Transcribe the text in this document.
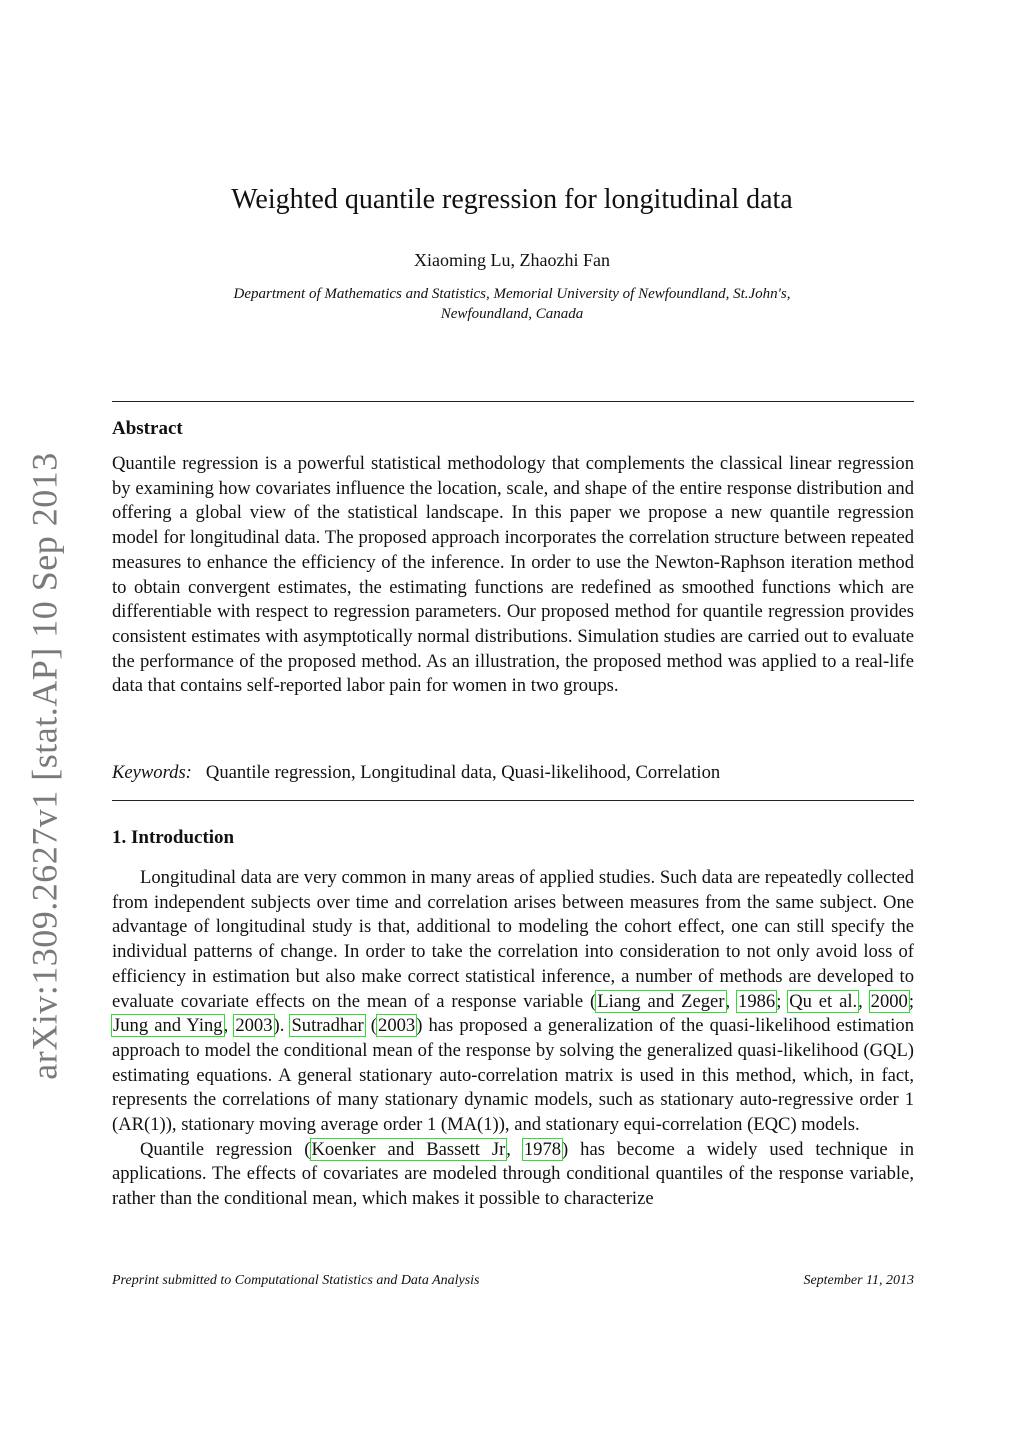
arXiv:1309.2627v1 [stat.AP] 10 Sep 2013
Weighted quantile regression for longitudinal data
Xiaoming Lu, Zhaozhi Fan
Department of Mathematics and Statistics, Memorial University of Newfoundland, St.John's,
Newfoundland, Canada
Abstract

Quantile regression is a powerful statistical methodology that complements the classical linear regression by examining how covariates influence the location, scale, and shape of the entire response distribution and offering a global view of the statistical landscape. In this paper we propose a new quantile regression model for longitudinal data. The proposed approach incorporates the correlation structure between repeated measures to enhance the efficiency of the inference. In order to use the Newton-Raphson iteration method to obtain convergent estimates, the estimating functions are redefined as smoothed functions which are differentiable with respect to regression parameters. Our proposed method for quantile regression provides consistent estimates with asymptotically normal distributions. Simulation studies are carried out to evaluate the performance of the proposed method. As an illustration, the proposed method was applied to a real-life data that contains self-reported labor pain for women in two groups.

Keywords: Quantile regression, Longitudinal data, Quasi-likelihood, Correlation

1. Introduction

Longitudinal data are very common in many areas of applied studies. Such data are repeatedly collected from independent subjects over time and correlation arises between measures from the same subject. One advantage of longitudinal study is that, additional to modeling the cohort effect, one can still specify the individual patterns of change. In order to take the correlation into consideration to not only avoid loss of efficiency in estimation but also make correct statistical inference, a number of methods are developed to evaluate covariate effects on the mean of a response variable (Liang and Zeger, 1986; Qu et al., 2000; Jung and Ying, 2003). Sutradhar (2003) has proposed a generalization of the quasi-likelihood estimation approach to model the conditional mean of the response by solving the generalized quasi-likelihood (GQL) estimating equations. A general stationary auto-correlation matrix is used in this method, which, in fact, represents the correlations of many stationary dynamic models, such as stationary auto-regressive order 1 (AR(1)), stationary moving average order 1 (MA(1)), and stationary equi-correlation (EQC) models.

Quantile regression (Koenker and Bassett Jr, 1978) has become a widely used technique in applications. The effects of covariates are modeled through conditional quantiles of the response variable, rather than the conditional mean, which makes it possible to characterize

Preprint submitted to Computational Statistics and Data Analysis	September 11, 2013
